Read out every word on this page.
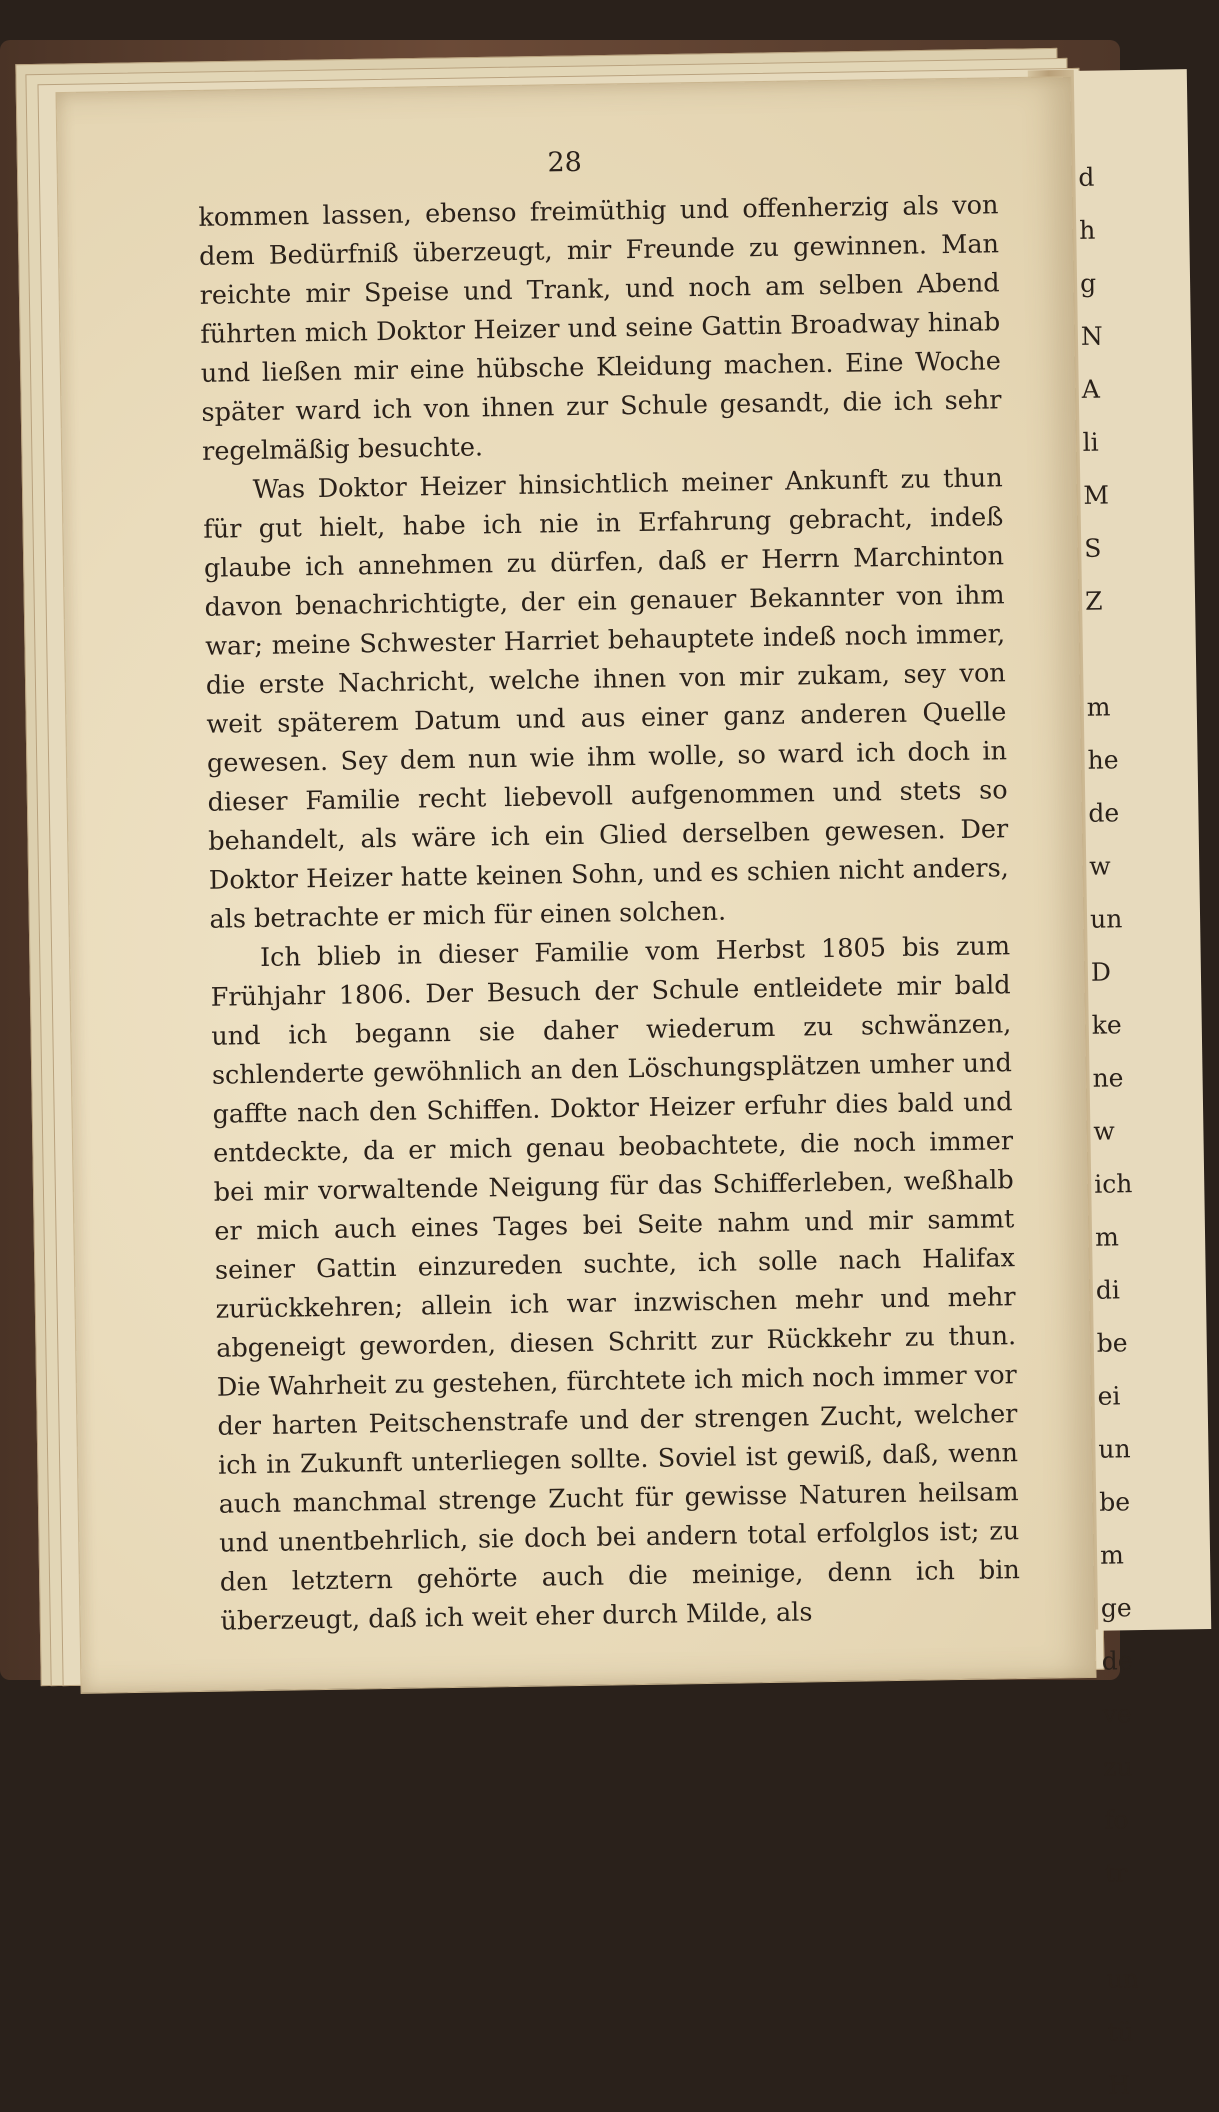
d
h
g
N
A
li
M
S
Z
m
he
de
w
un
D
ke
ne
w
ich
m
di
be
ei
un
be
m
ge
de
ve
zu
fo
tr
un
tü
H
28

kommen lassen, ebenso freimüthig und offenherzig als von dem Bedürfniß überzeugt, mir Freunde zu gewinnen. Man reichte mir Speise und Trank, und noch am selben Abend führten mich Doktor Heizer und seine Gattin Broadway hinab und ließen mir eine hübsche Kleidung machen. Eine Woche später ward ich von ihnen zur Schule gesandt, die ich sehr regelmäßig besuchte.

Was Doktor Heizer hinsichtlich meiner Ankunft zu thun für gut hielt, habe ich nie in Erfahrung gebracht, indeß glaube ich annehmen zu dürfen, daß er Herrn Marchinton davon benachrichtigte, der ein genauer Bekannter von ihm war; meine Schwester Harriet behauptete indeß noch immer, die erste Nachricht, welche ihnen von mir zukam, sey von weit späterem Datum und aus einer ganz anderen Quelle gewesen. Sey dem nun wie ihm wolle, so ward ich doch in dieser Familie recht liebevoll aufgenommen und stets so behandelt, als wäre ich ein Glied derselben gewesen. Der Doktor Heizer hatte keinen Sohn, und es schien nicht anders, als betrachte er mich für einen solchen.

Ich blieb in dieser Familie vom Herbst 1805 bis zum Frühjahr 1806. Der Besuch der Schule entleidete mir bald und ich begann sie daher wiederum zu schwänzen, schlenderte gewöhnlich an den Löschungsplätzen umher und gaffte nach den Schiffen. Doktor Heizer erfuhr dies bald und entdeckte, da er mich genau beobachtete, die noch immer bei mir vorwaltende Neigung für das Schifferleben, weßhalb er mich auch eines Tages bei Seite nahm und mir sammt seiner Gattin einzureden suchte, ich solle nach Halifax zurückkehren; allein ich war inzwischen mehr und mehr abgeneigt geworden, diesen Schritt zur Rückkehr zu thun. Die Wahrheit zu gestehen, fürchtete ich mich noch immer vor der harten Peitschenstrafe und der strengen Zucht, welcher ich in Zukunft unterliegen sollte. Soviel ist gewiß, daß, wenn auch manchmal strenge Zucht für gewisse Naturen heilsam und unentbehrlich, sie doch bei andern total erfolglos ist; zu den letztern gehörte auch die meinige, denn ich bin überzeugt, daß ich weit eher durch Milde, als
